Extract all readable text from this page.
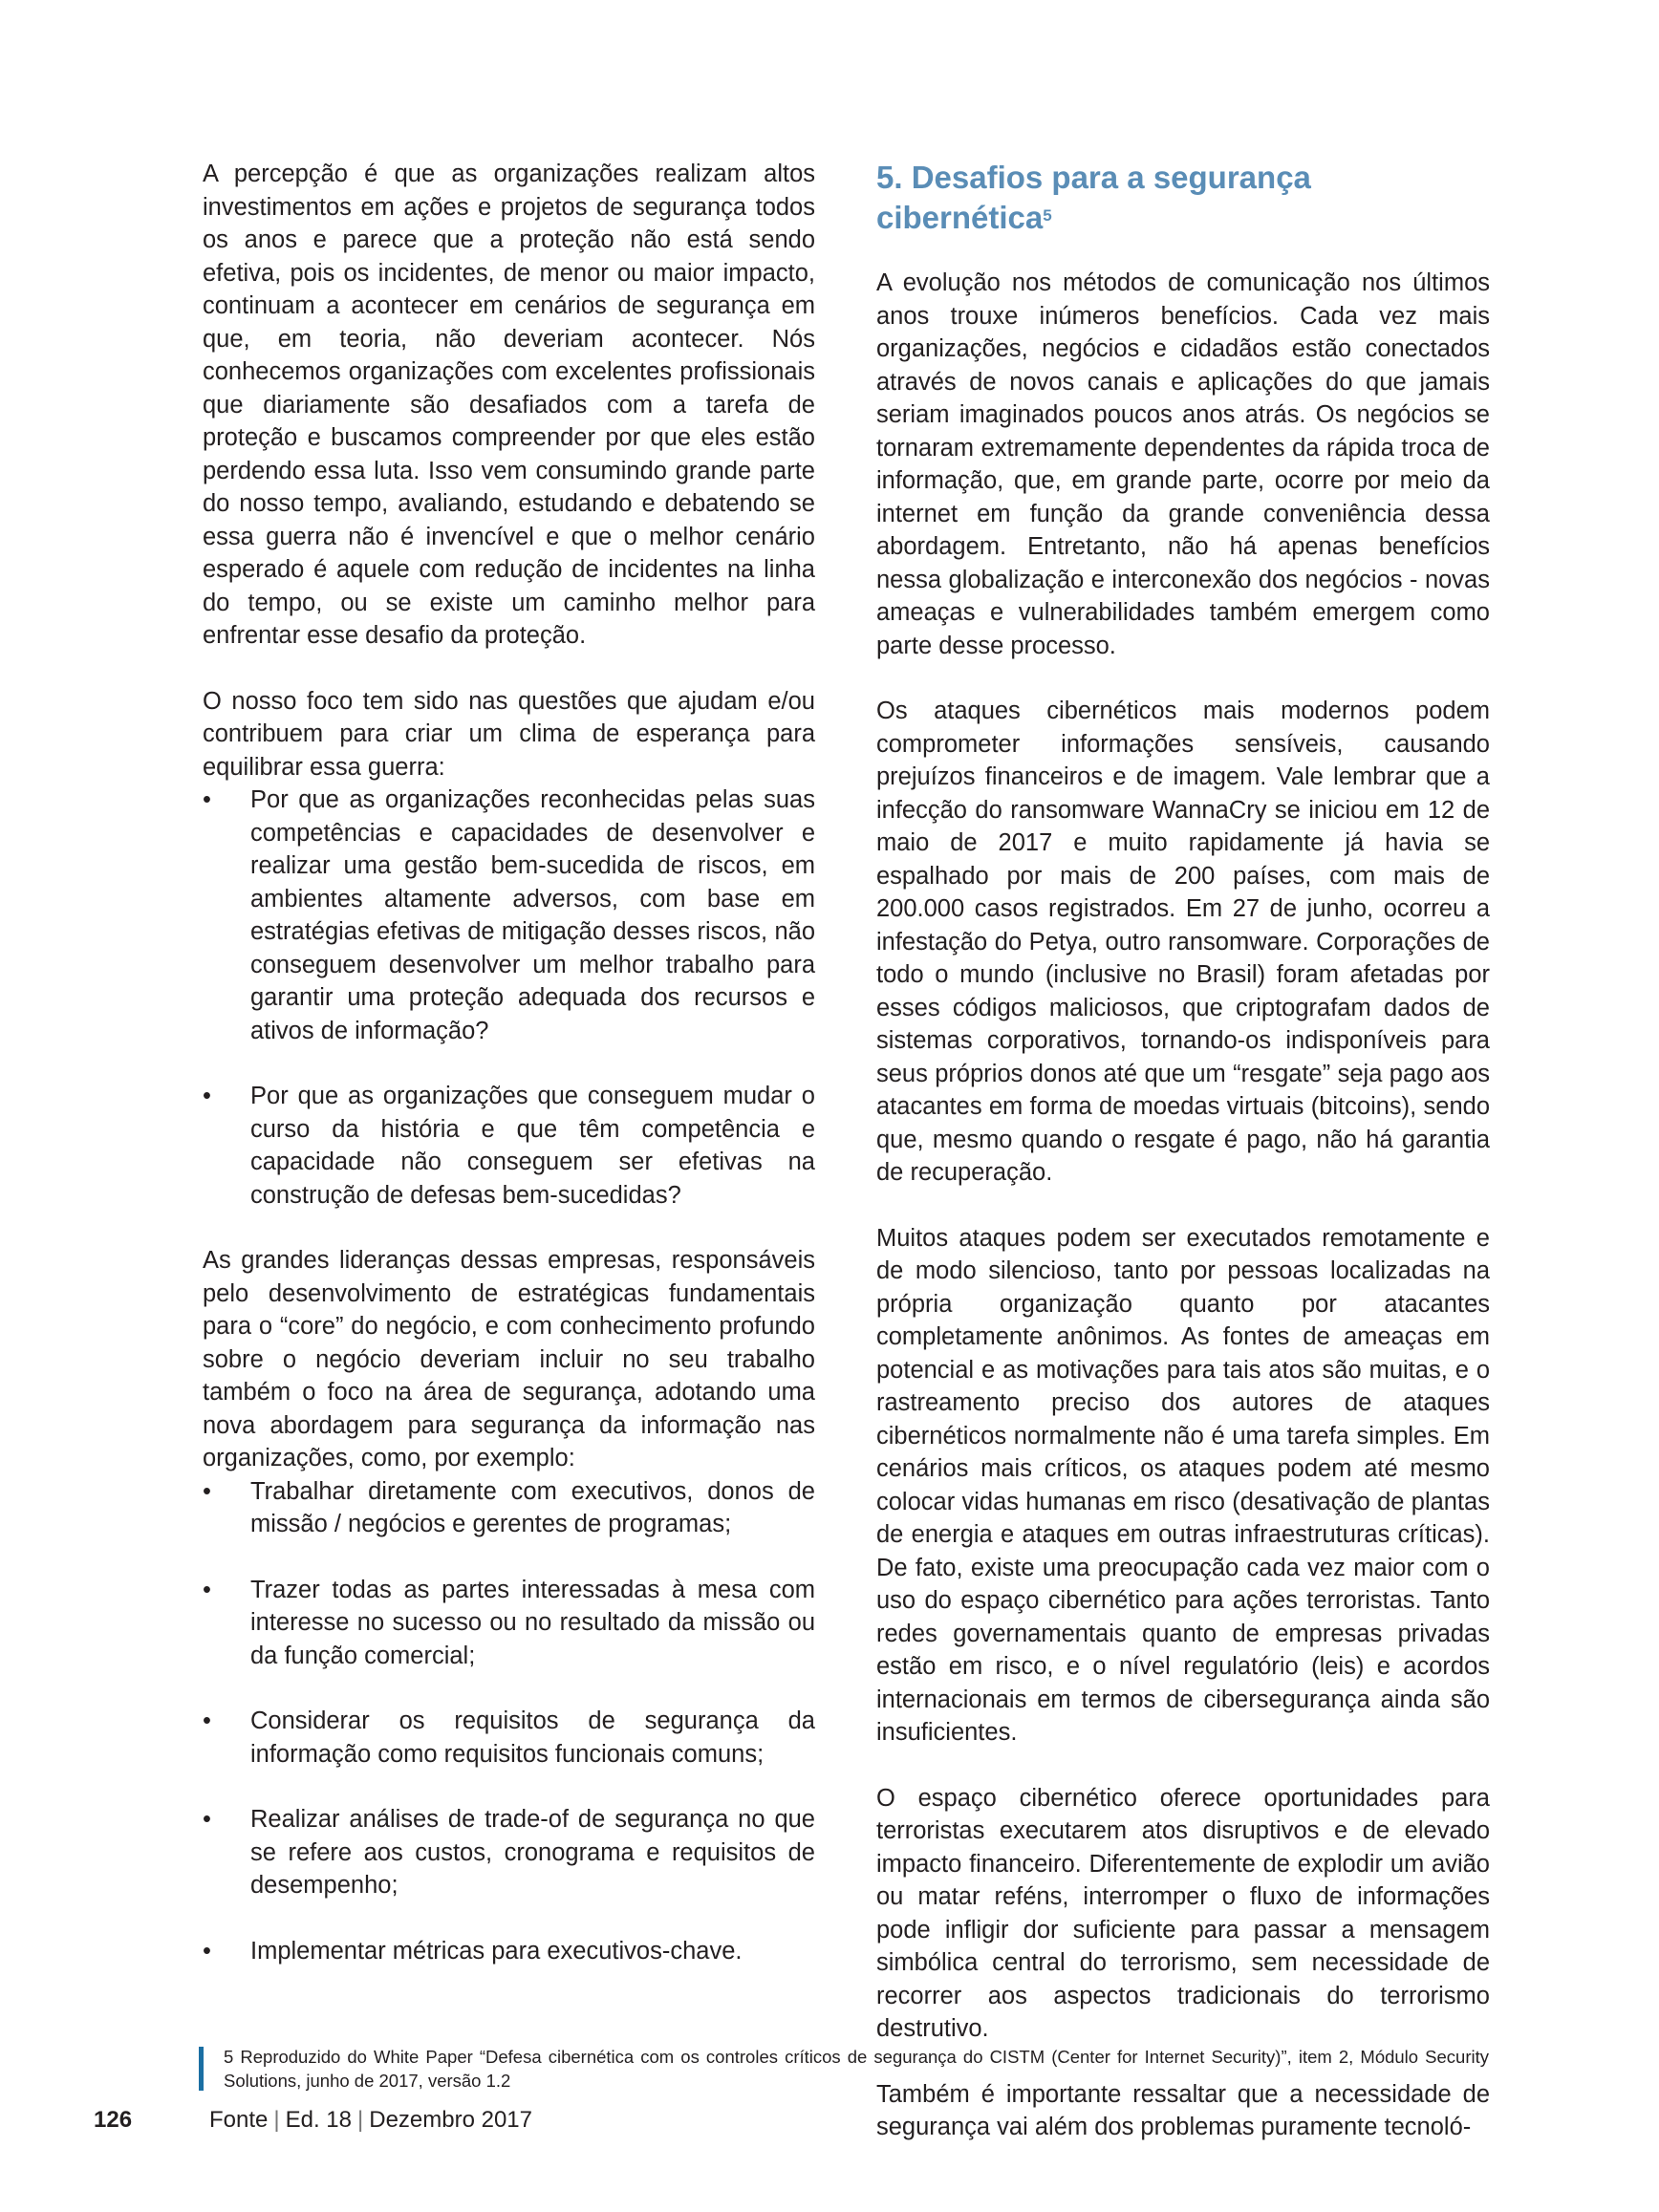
A percepção é que as organizações realizam altos investimentos em ações e projetos de segurança todos os anos e parece que a proteção não está sendo efetiva, pois os incidentes, de menor ou maior impacto, continuam a acontecer em cenários de segurança em que, em teoria, não deveriam acontecer. Nós conhecemos organizações com excelentes profissionais que diariamente são desafiados com a tarefa de proteção e buscamos compreender por que eles estão perdendo essa luta. Isso vem consumindo grande parte do nosso tempo, avaliando, estudando e debatendo se essa guerra não é invencível e que o melhor cenário esperado é aquele com redução de incidentes na linha do tempo, ou se existe um caminho melhor para enfrentar esse desafio da proteção.

O nosso foco tem sido nas questões que ajudam e/ou contribuem para criar um clima de esperança para equilibrar essa guerra:

•	Por que as organizações reconhecidas pelas suas competências e capacidades de desenvolver e realizar uma gestão bem-sucedida de riscos, em ambientes altamente adversos, com base em estratégias efetivas de mitigação desses riscos, não conseguem desenvolver um melhor trabalho para garantir uma proteção adequada dos recursos e ativos de informação?
•	Por que as organizações que conseguem mudar o curso da história e que têm competência e capacidade não conseguem ser efetivas na construção de defesas bem-sucedidas?

As grandes lideranças dessas empresas, responsáveis pelo desenvolvimento de estratégicas fundamentais para o “core” do negócio, e com conhecimento profundo sobre o negócio deveriam incluir no seu trabalho também o foco na área de segurança, adotando uma nova abordagem para segurança da informação nas organizações, como, por exemplo:

•	Trabalhar diretamente com executivos, donos de missão / negócios e gerentes de programas;
•	Trazer todas as partes interessadas à mesa com interesse no sucesso ou no resultado da missão ou da função comercial;
•	Considerar os requisitos de segurança da informação como requisitos funcionais comuns;
•	Realizar análises de trade-of de segurança no que se refere aos custos, cronograma e requisitos de desempenho;
•	Implementar métricas para executivos-chave.
5. Desafios para a segurança cibernética$^5$

A evolução nos métodos de comunicação nos últimos anos trouxe inúmeros benefícios. Cada vez mais organizações, negócios e cidadãos estão conectados através de novos canais e aplicações do que jamais seriam imaginados poucos anos atrás. Os negócios se tornaram extremamente dependentes da rápida troca de informação, que, em grande parte, ocorre por meio da internet em função da grande conveniência dessa abordagem. Entretanto, não há apenas benefícios nessa globalização e interconexão dos negócios - novas ameaças e vulnerabilidades também emergem como parte desse processo.

Os ataques cibernéticos mais modernos podem comprometer informações sensíveis, causando prejuízos financeiros e de imagem. Vale lembrar que a infecção do ransomware WannaCry se iniciou em 12 de maio de 2017 e muito rapidamente já havia se espalhado por mais de 200 países, com mais de 200.000 casos registrados. Em 27 de junho, ocorreu a infestação do Petya, outro ransomware. Corporações de todo o mundo (inclusive no Brasil) foram afetadas por esses códigos maliciosos, que criptografam dados de sistemas corporativos, tornando-os indisponíveis para seus próprios donos até que um “resgate” seja pago aos atacantes em forma de moedas virtuais (bitcoins), sendo que, mesmo quando o resgate é pago, não há garantia de recuperação.

Muitos ataques podem ser executados remotamente e de modo silencioso, tanto por pessoas localizadas na própria organização quanto por atacantes completamente anônimos. As fontes de ameaças em potencial e as motivações para tais atos são muitas, e o rastreamento preciso dos autores de ataques cibernéticos normalmente não é uma tarefa simples. Em cenários mais críticos, os ataques podem até mesmo colocar vidas humanas em risco (desativação de plantas de energia e ataques em outras infraestruturas críticas). De fato, existe uma preocupação cada vez maior com o uso do espaço cibernético para ações terroristas. Tanto redes governamentais quanto de empresas privadas estão em risco, e o nível regulatório (leis) e acordos internacionais em termos de cibersegurança ainda são insuficientes.

O espaço cibernético oferece oportunidades para terroristas executarem atos disruptivos e de elevado impacto financeiro. Diferentemente de explodir um avião ou matar reféns, interromper o fluxo de informações pode infligir dor suficiente para passar a mensagem simbólica central do terrorismo, sem necessidade de recorrer aos aspectos tradicionais do terrorismo destrutivo.

Também é importante ressaltar que a necessidade de segurança vai além dos problemas puramente tecnoló-

5 Reproduzido do White Paper “Defesa cibernética com os controles críticos de segurança do CISTM (Center for Internet Security)”, item 2, Módulo Security Solutions, junho de 2017, versão 1.2
126	Fonte | Ed. 18 | Dezembro 2017
